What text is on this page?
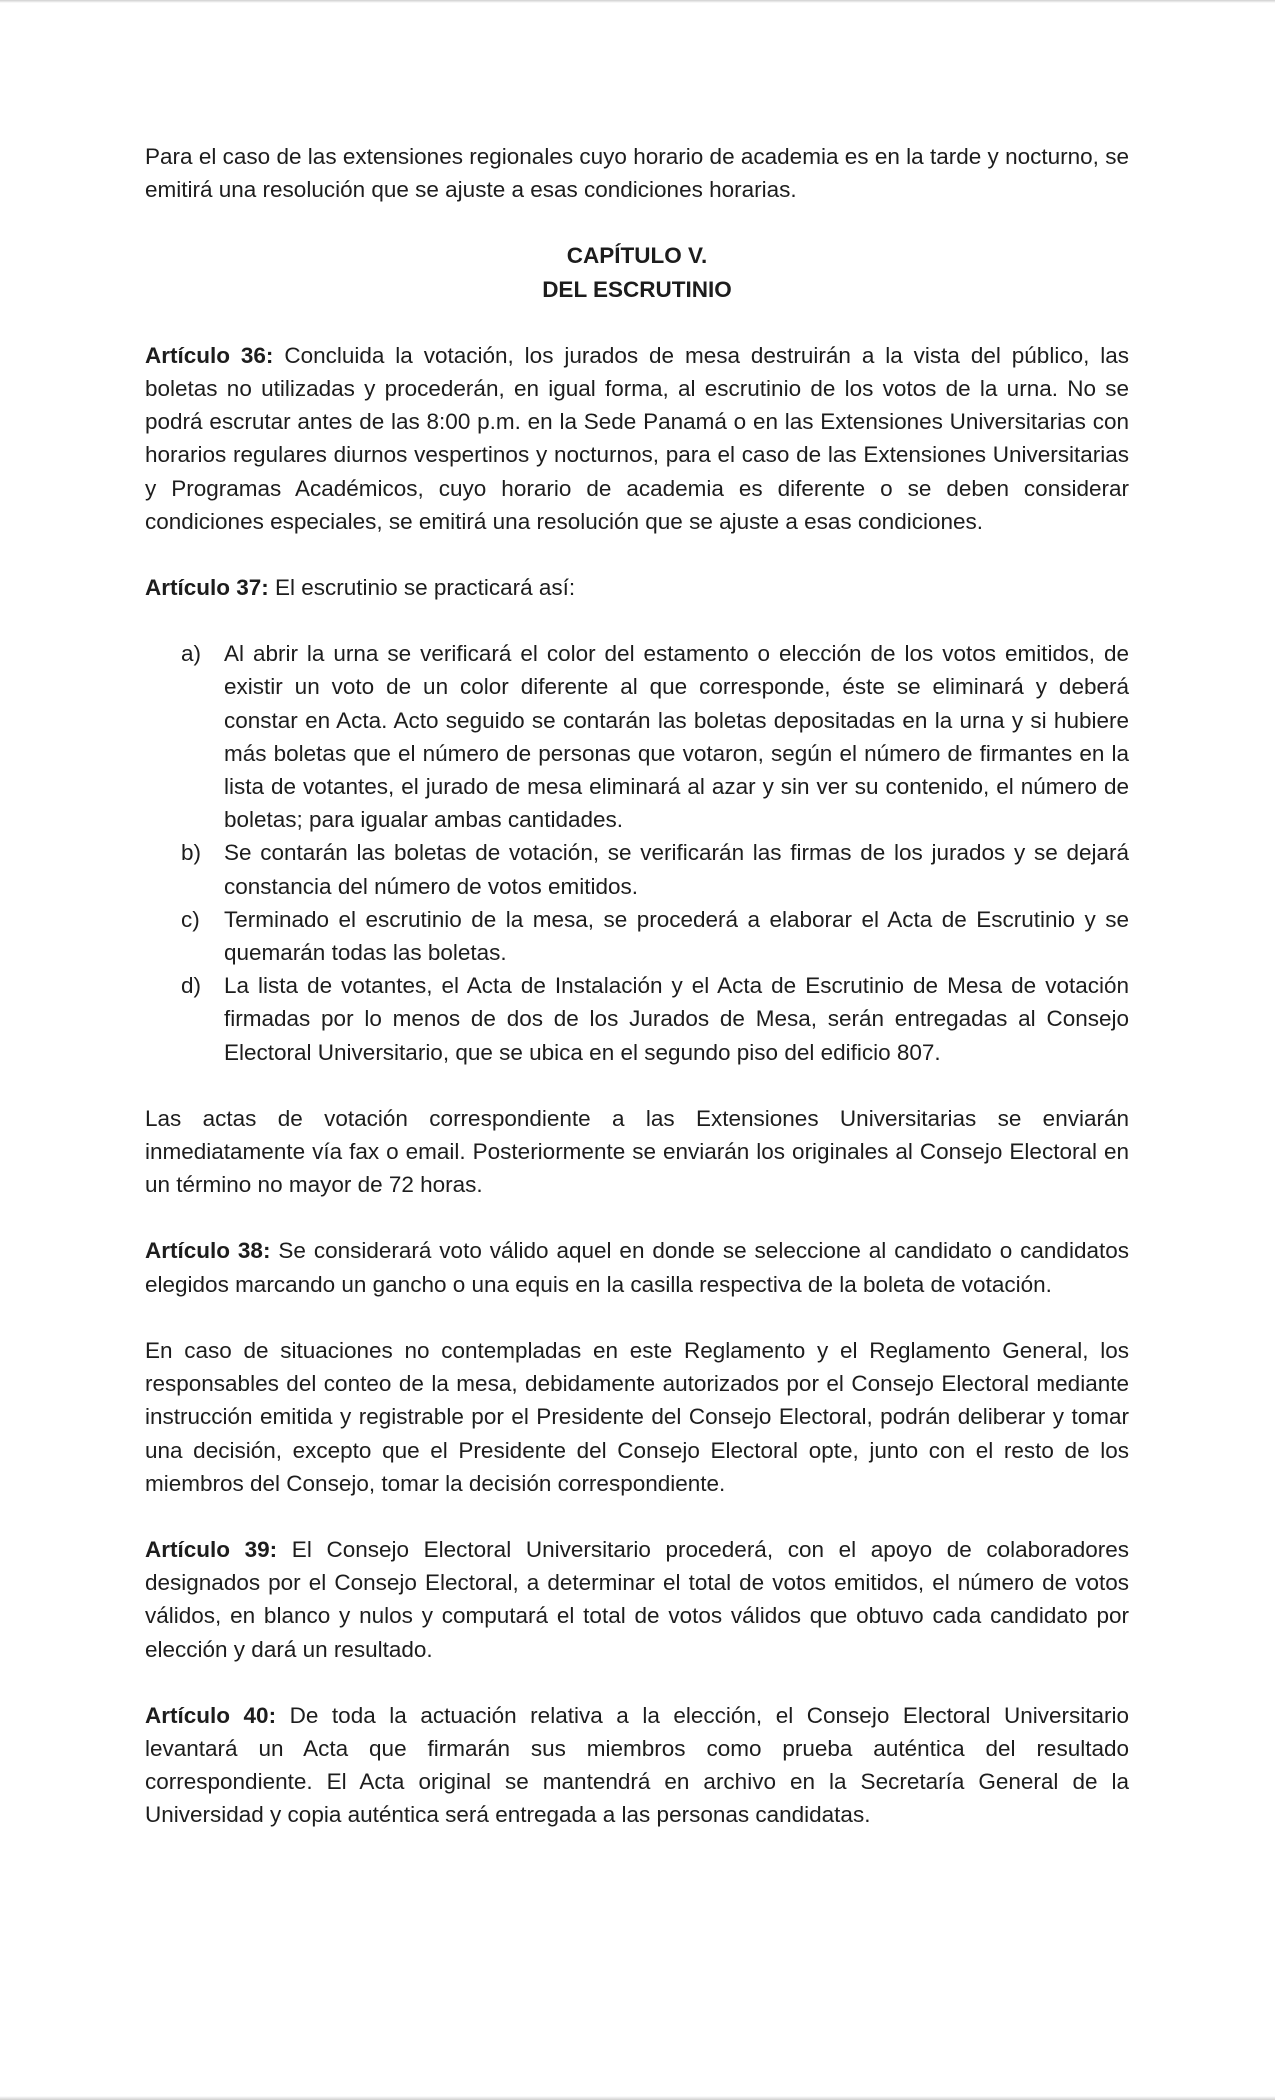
Para el caso de las extensiones regionales cuyo horario de academia es en la tarde y nocturno, se emitirá una resolución que se ajuste a esas condiciones horarias.

CAPÍTULO V.
DEL ESCRUTINIO

Artículo 36: Concluida la votación, los jurados de mesa destruirán a la vista del público, las boletas no utilizadas y procederán, en igual forma, al escrutinio de los votos de la urna. No se podrá escrutar antes de las 8:00 p.m. en la Sede Panamá o en las Extensiones Universitarias con horarios regulares diurnos vespertinos y nocturnos, para el caso de las Extensiones Universitarias y Programas Académicos, cuyo horario de academia es diferente o se deben considerar condiciones especiales, se emitirá una resolución que se ajuste a esas condiciones.

Artículo 37: El escrutinio se practicará así:

a) Al abrir la urna se verificará el color del estamento o elección de los votos emitidos, de existir un voto de un color diferente al que corresponde, éste se eliminará y deberá constar en Acta. Acto seguido se contarán las boletas depositadas en la urna y si hubiere más boletas que el número de personas que votaron, según el número de firmantes en la lista de votantes, el jurado de mesa eliminará al azar y sin ver su contenido, el número de boletas; para igualar ambas cantidades.
b) Se contarán las boletas de votación, se verificarán las firmas de los jurados y se dejará constancia del número de votos emitidos.
c) Terminado el escrutinio de la mesa, se procederá a elaborar el Acta de Escrutinio y se quemarán todas las boletas.
d) La lista de votantes, el Acta de Instalación y el Acta de Escrutinio de Mesa de votación firmadas por lo menos de dos de los Jurados de Mesa, serán entregadas al Consejo Electoral Universitario, que se ubica en el segundo piso del edificio 807.

Las actas de votación correspondiente a las Extensiones Universitarias se enviarán inmediatamente vía fax o email. Posteriormente se enviarán los originales al Consejo Electoral en un término no mayor de 72 horas.

Artículo 38: Se considerará voto válido aquel en donde se seleccione al candidato o candidatos elegidos marcando un gancho o una equis en la casilla respectiva de la boleta de votación.

En caso de situaciones no contempladas en este Reglamento y el Reglamento General, los responsables del conteo de la mesa, debidamente autorizados por el Consejo Electoral mediante instrucción emitida y registrable por el Presidente del Consejo Electoral, podrán deliberar y tomar una decisión, excepto que el Presidente del Consejo Electoral opte, junto con el resto de los miembros del Consejo, tomar la decisión correspondiente.

Artículo 39: El Consejo Electoral Universitario procederá, con el apoyo de colaboradores designados por el Consejo Electoral, a determinar el total de votos emitidos, el número de votos válidos, en blanco y nulos y computará el total de votos válidos que obtuvo cada candidato por elección y dará un resultado.

Artículo 40: De toda la actuación relativa a la elección, el Consejo Electoral Universitario levantará un Acta que firmarán sus miembros como prueba auténtica del resultado correspondiente. El Acta original se mantendrá en archivo en la Secretaría General de la Universidad y copia auténtica será entregada a las personas candidatas.
